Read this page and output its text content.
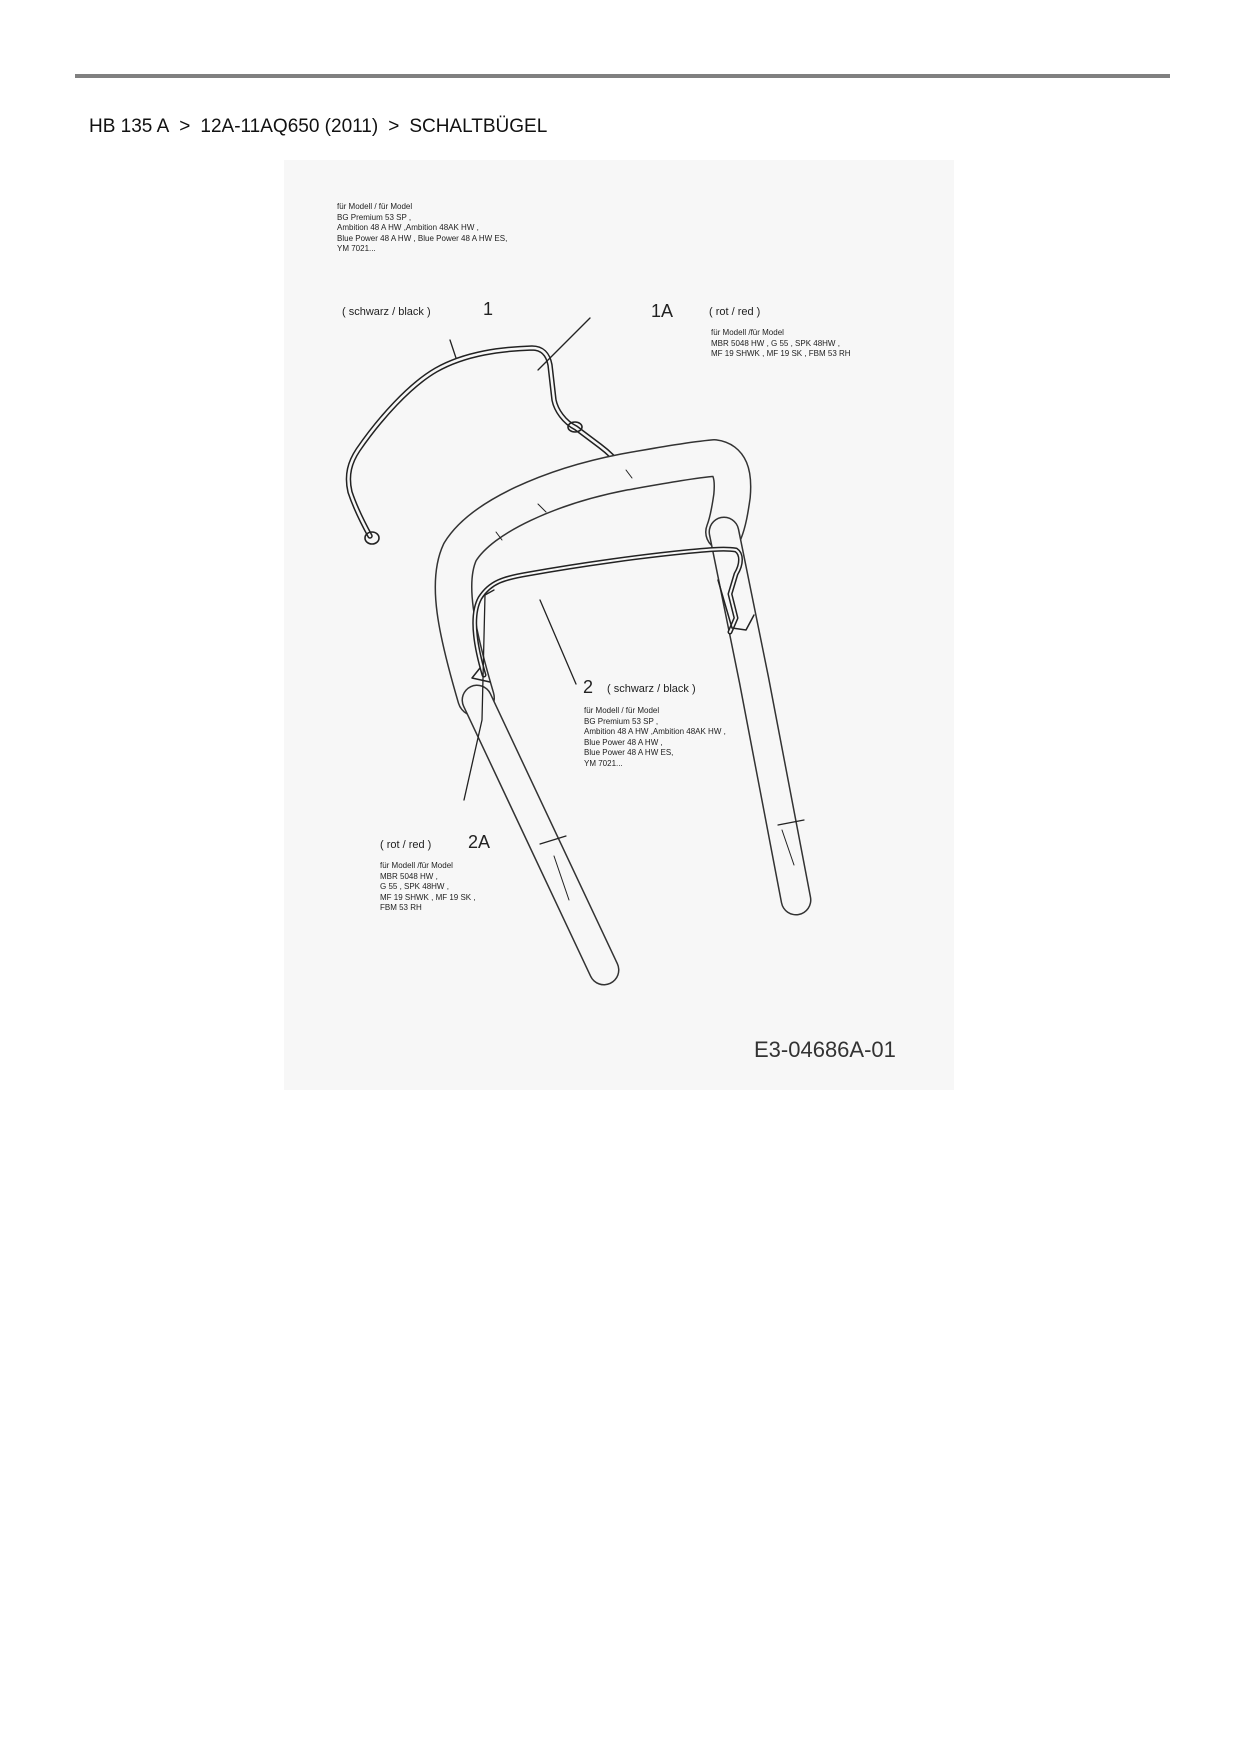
HB 135 A > 12A-11AQ650 (2011) > SCHALTBÜGEL
für Modell / für Model
BG Premium 53 SP ,
Ambition 48 A HW ,Ambition 48AK HW ,
Blue Power 48 A HW , Blue Power 48 A HW ES,
YM 7021...
( schwarz / black )	1	1A	( rot / red )
für Modell /für Model
MBR 5048 HW , G 55 , SPK 48HW ,
MF 19 SHWK , MF 19 SK , FBM 53 RH
2 ( schwarz / black )
für Modell / für Model
BG Premium 53 SP ,
Ambition 48 A HW ,Ambition 48AK HW ,
Blue Power 48 A HW ,
Blue Power 48 A HW ES,
YM 7021...
( rot / red ) 2A
für Modell /für Model
MBR 5048 HW ,
G 55 , SPK 48HW ,
MF 19 SHWK , MF 19 SK ,
FBM 53 RH
E3-04686A-01
